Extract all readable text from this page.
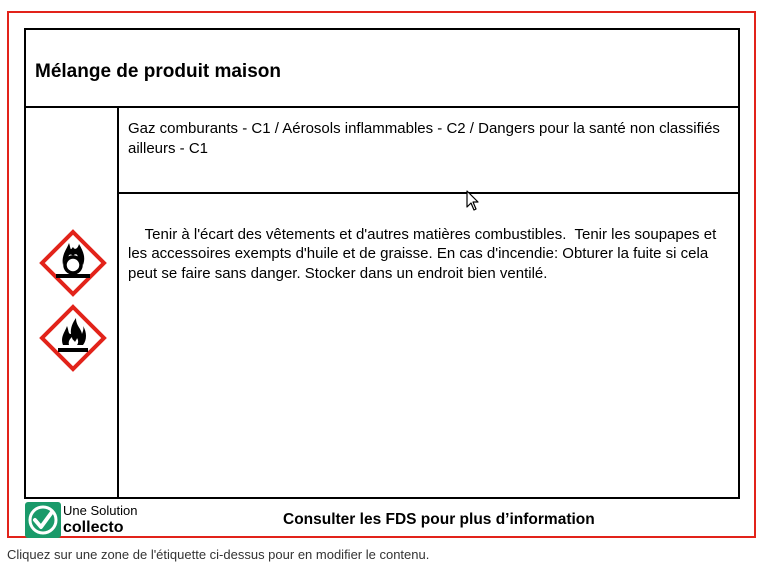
Mélange de produit maison
Gaz comburants - C1 / Aérosols inflammables - C2 / Dangers pour la santé non classifiés ailleurs - C1

Tenir à l'écart des vêtements et d'autres matières combustibles.  Tenir les soupapes et les accessoires exempts d'huile et de graisse. En cas d'incendie: Obturer la fuite si cela peut se faire sans danger. Stocker dans un endroit bien ventilé.

Une Solution
collecto	Consulter les FDS pour plus d’information
Cliquez sur une zone de l'étiquette ci-dessus pour en modifier le contenu.
